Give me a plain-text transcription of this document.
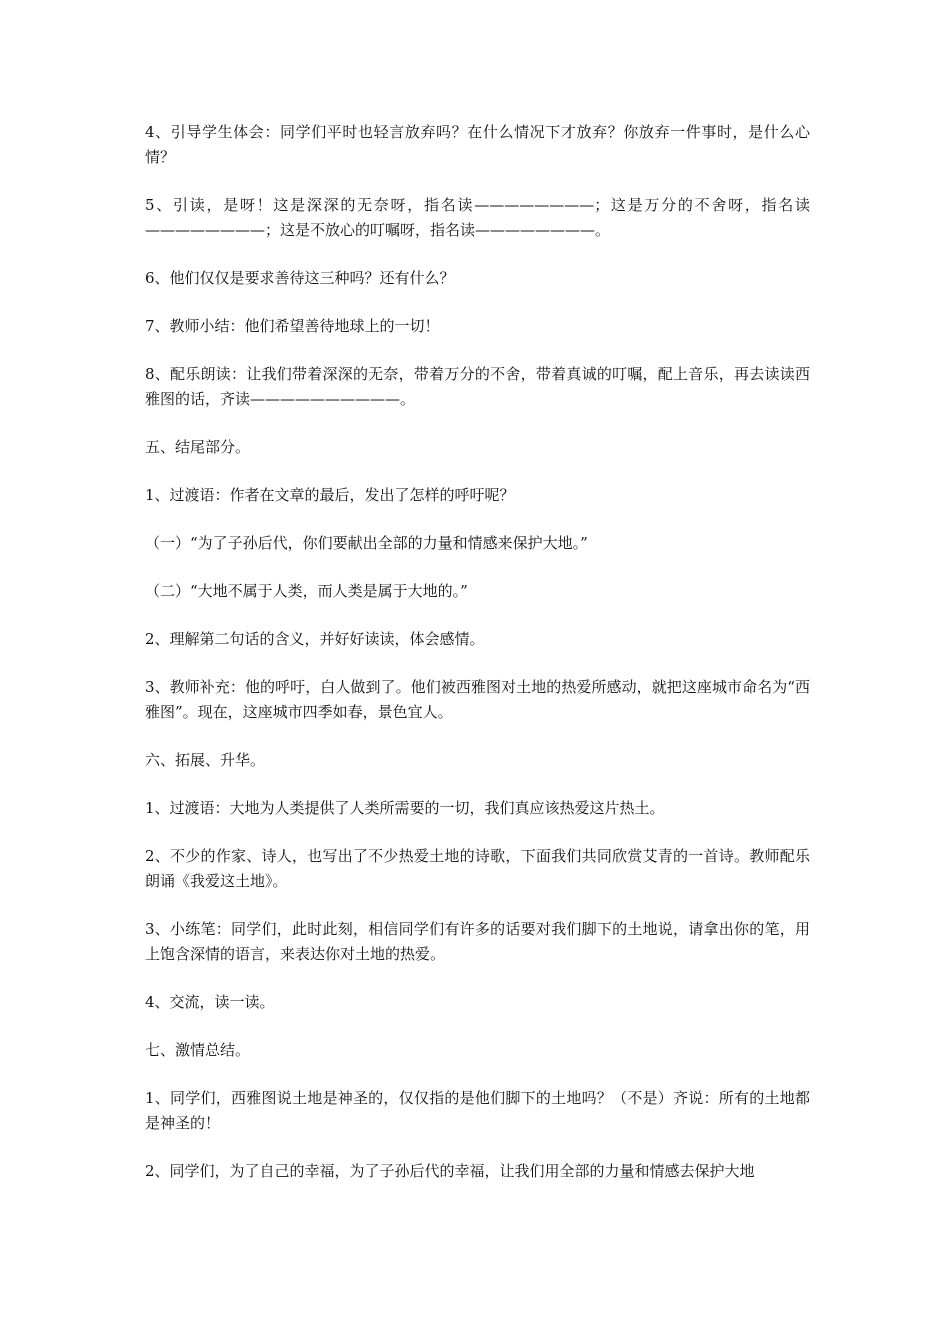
4、引导学生体会：同学们平时也轻言放弃吗？在什么情况下才放弃？你放弃一件事时，是什么心情？

5、引读，是呀！这是深深的无奈呀，指名读————————；这是万分的不舍呀，指名读————————；这是不放心的叮嘱呀，指名读————————。

6、他们仅仅是要求善待这三种吗？还有什么？

7、教师小结：他们希望善待地球上的一切！

8、配乐朗读：让我们带着深深的无奈，带着万分的不舍，带着真诚的叮嘱，配上音乐，再去读读西雅图的话，齐读——————————。

五、结尾部分。

1、过渡语：作者在文章的最后，发出了怎样的呼吁呢？

（一）“为了子孙后代，你们要献出全部的力量和情感来保护大地。”

（二）“大地不属于人类，而人类是属于大地的。”

2、理解第二句话的含义，并好好读读，体会感情。

3、教师补充：他的呼吁，白人做到了。他们被西雅图对土地的热爱所感动，就把这座城市命名为“西雅图”。现在，这座城市四季如春，景色宜人。

六、拓展、升华。

1、过渡语：大地为人类提供了人类所需要的一切，我们真应该热爱这片热土。

2、不少的作家、诗人，也写出了不少热爱土地的诗歌，下面我们共同欣赏艾青的一首诗。教师配乐朗诵《我爱这土地》。

3、小练笔：同学们，此时此刻，相信同学们有许多的话要对我们脚下的土地说，请拿出你的笔，用上饱含深情的语言，来表达你对土地的热爱。

4、交流，读一读。

七、激情总结。

1、同学们，西雅图说土地是神圣的，仅仅指的是他们脚下的土地吗？（不是）齐说：所有的土地都是神圣的！

2、同学们，为了自己的幸福，为了子孙后代的幸福，让我们用全部的力量和情感去保护大地
